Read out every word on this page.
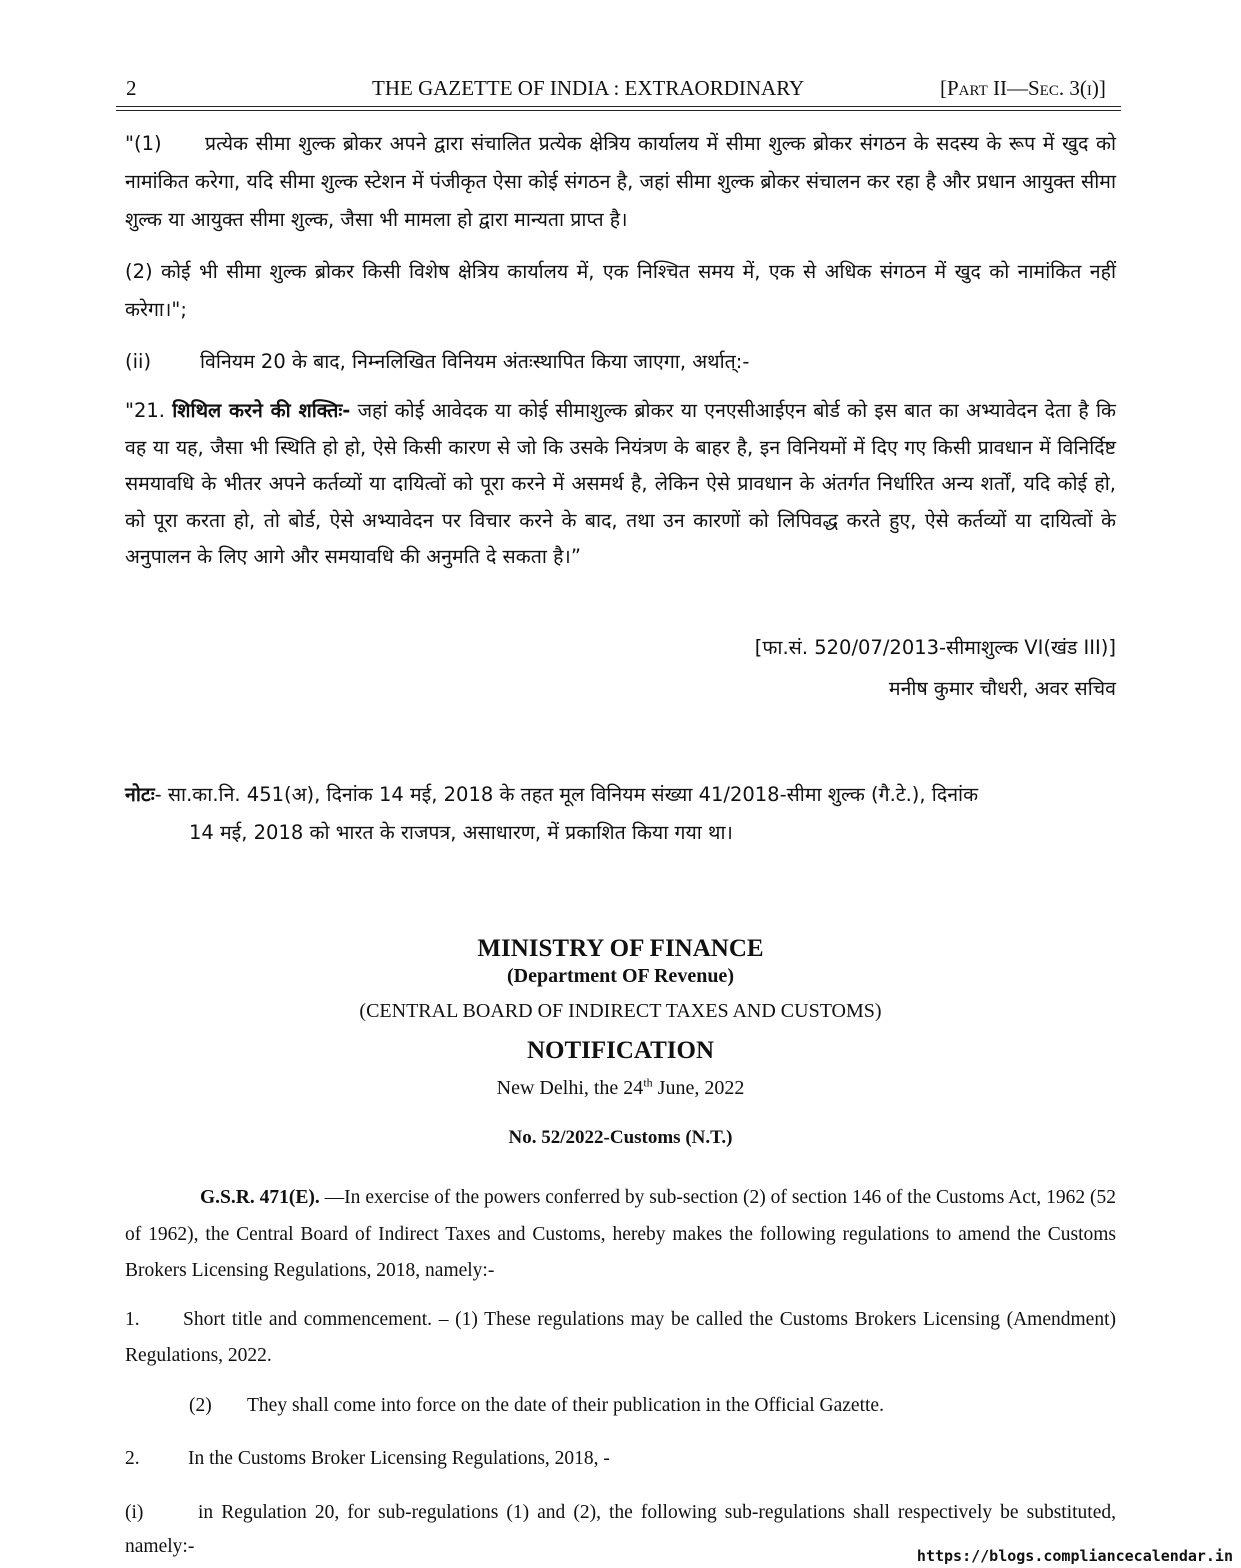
2	THE GAZETTE OF INDIA : EXTRAORDINARY	[Part II—Sec. 3(i)]
"(1) प्रत्येक सीमा शुल्क ब्रोकर अपने द्वारा संचालित प्रत्येक क्षेत्रिय कार्यालय में सीमा शुल्क ब्रोकर संगठन के सदस्य के रूप में खुद को नामांकित करेगा, यदि सीमा शुल्क स्टेशन में पंजीकृत ऐसा कोई संगठन है, जहां सीमा शुल्क ब्रोकर संचालन कर रहा है और प्रधान आयुक्त सीमा शुल्क या आयुक्त सीमा शुल्क, जैसा भी मामला हो द्वारा मान्यता प्राप्त है।
(2) कोई भी सीमा शुल्क ब्रोकर किसी विशेष क्षेत्रिय कार्यालय में, एक निश्चित समय में, एक से अधिक संगठन में खुद को नामांकित नहीं करेगा।";
(ii)	विनियम 20 के बाद, निम्नलिखित विनियम अंतःस्थापित किया जाएगा, अर्थात्:-
"21. शिथिल करने की शक्तिः- जहां कोई आवेदक या कोई सीमाशुल्क ब्रोकर या एनएसीआईएन बोर्ड को इस बात का अभ्यावेदन देता है कि वह या यह, जैसा भी स्थिति हो हो, ऐसे किसी कारण से जो कि उसके नियंत्रण के बाहर है, इन विनियमों में दिए गए किसी प्रावधान में विनिर्दिष्ट समयावधि के भीतर अपने कर्तव्यों या दायित्वों को पूरा करने में असमर्थ है, लेकिन ऐसे प्रावधान के अंतर्गत निर्धारित अन्य शर्तों, यदि कोई हो, को पूरा करता हो, तो बोर्ड, ऐसे अभ्यावेदन पर विचार करने के बाद, तथा उन कारणों को लिपिवद्ध करते हुए, ऐसे कर्तव्यों या दायित्वों के अनुपालन के लिए आगे और समयावधि की अनुमति दे सकता है।”
[फा.सं. 520/07/2013-सीमाशुल्क VI(खंड III)]
मनीष कुमार चौधरी, अवर सचिव
नोटः- सा.का.नि. 451(अ), दिनांक 14 मई, 2018 के तहत मूल विनियम संख्या 41/2018-सीमा शुल्क (गै.टे.), दिनांक
14 मई, 2018 को भारत के राजपत्र, असाधारण, में प्रकाशित किया गया था।
MINISTRY OF FINANCE
(Department OF Revenue)
(CENTRAL BOARD OF INDIRECT TAXES AND CUSTOMS)
NOTIFICATION
New Delhi, the 24th June, 2022
No. 52/2022-Customs (N.T.)
G.S.R. 471(E). —In exercise of the powers conferred by sub-section (2) of section 146 of the Customs Act, 1962 (52 of 1962), the Central Board of Indirect Taxes and Customs, hereby makes the following regulations to amend the Customs Brokers Licensing Regulations, 2018, namely:-
1. Short title and commencement. – (1) These regulations may be called the Customs Brokers Licensing (Amendment) Regulations, 2022.
(2) They shall come into force on the date of their publication in the Official Gazette.
2. In the Customs Broker Licensing Regulations, 2018, -
(i)	in Regulation 20, for sub-regulations (1) and (2), the following sub-regulations shall respectively be substituted, namely:-	https://blogs.compliancecalendar.in
